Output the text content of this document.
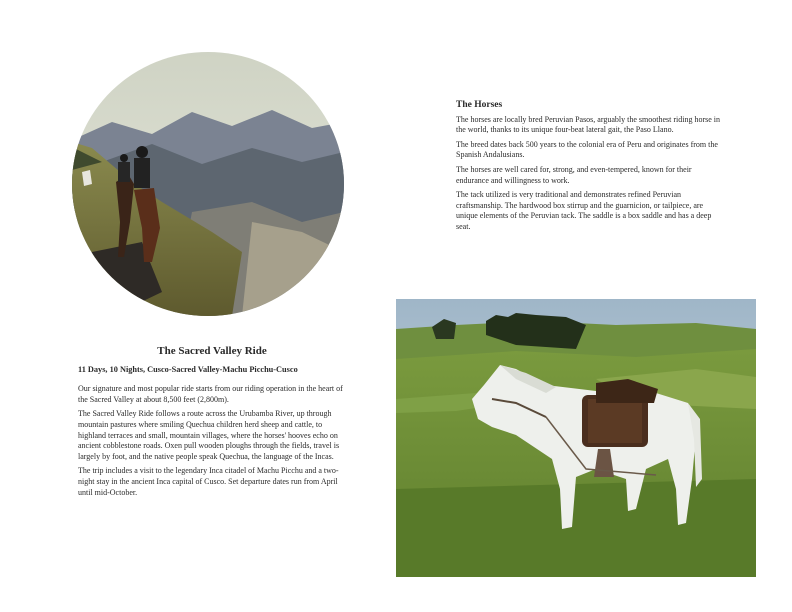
The Horses

The horses are locally bred Peruvian Pasos, arguably the smoothest riding horse in the world, thanks to its unique four-beat lateral gait, the Paso Llano.

The breed dates back 500 years to the colonial era of Peru and originates from the Spanish Andalusians.

The horses are well cared for, strong, and even-tempered, known for their endurance and willingness to work.

The tack utilized is very traditional and demonstrates refined Peruvian craftsmanship. The hardwood box stirrup and the guarnicion, or tailpiece, are unique elements of the Peruvian tack. The saddle is a box saddle and has a deep seat.

The Sacred Valley Ride
11 Days, 10 Nights, Cusco-Sacred Valley-Machu Picchu-Cusco

Our signature and most popular ride starts from our riding operation in the heart of the Sacred Valley at about 8,500 feet (2,800m).

The Sacred Valley Ride follows a route across the Urubamba River, up through mountain pastures where smiling Quechua children herd sheep and cattle, to highland terraces and small, mountain villages, where the horses' hooves echo on ancient cobblestone roads. Oxen pull wooden ploughs through the fields, travel is largely by foot, and the native people speak Quechua, the language of the Incas.

The trip includes a visit to the legendary Inca citadel of Machu Picchu and a two-night stay in the ancient Inca capital of Cusco. Set departure dates run from April until mid-October.
